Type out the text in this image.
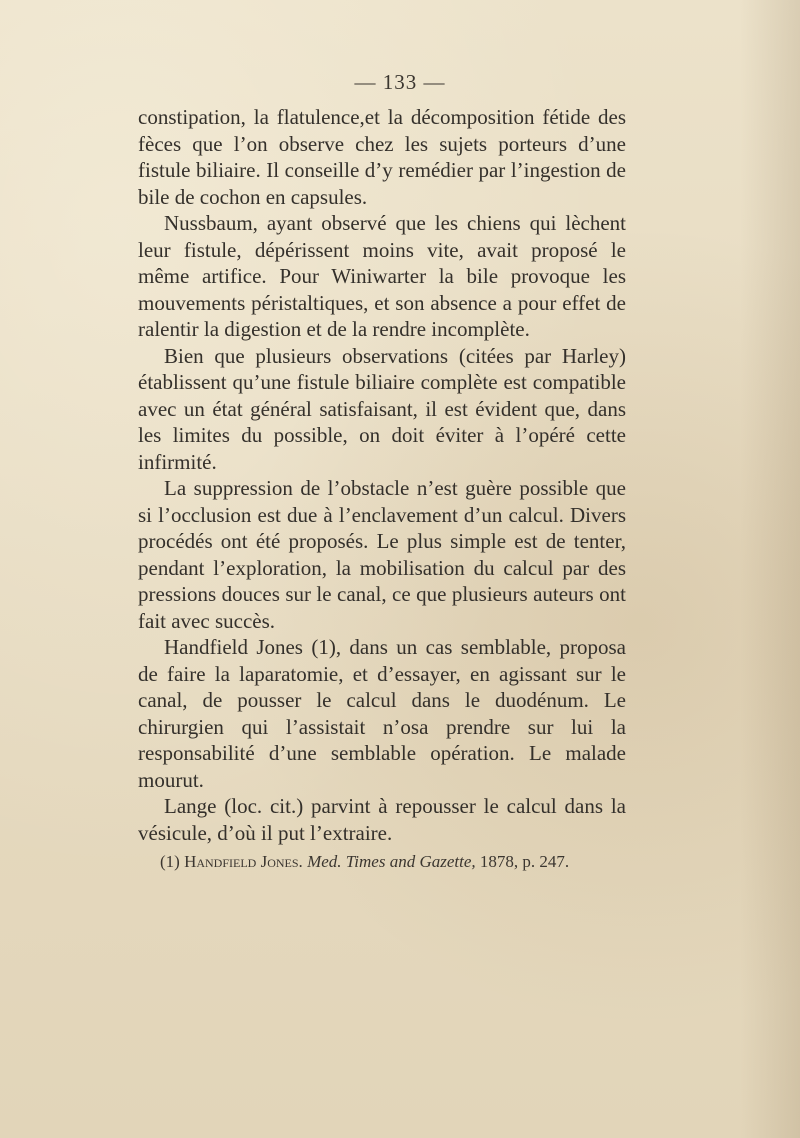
— 133 —

constipation, la flatulence,et la décomposition fétide des fèces que l’on observe chez les sujets porteurs d’une fistule biliaire. Il conseille d’y remédier par l’ingestion de bile de cochon en capsules.

Nussbaum, ayant observé que les chiens qui lèchent leur fistule, dépérissent moins vite, avait proposé le même artifice. Pour Winiwarter la bile provoque les mouvements péristaltiques, et son absence a pour effet de ralentir la digestion et de la rendre incomplète.

Bien que plusieurs observations (citées par Harley) établissent qu’une fistule biliaire complète est compatible avec un état général satisfaisant, il est évident que, dans les limites du possible, on doit éviter à l’opéré cette infirmité.

La suppression de l’obstacle n’est guère possible que si l’occlusion est due à l’enclavement d’un calcul. Divers procédés ont été proposés. Le plus simple est de tenter, pendant l’exploration, la mobilisation du calcul par des pressions douces sur le canal, ce que plusieurs auteurs ont fait avec succès.

Handfield Jones (1), dans un cas semblable, proposa de faire la laparatomie, et d’essayer, en agissant sur le canal, de pousser le calcul dans le duodénum. Le chirurgien qui l’assistait n’osa prendre sur lui la responsabilité d’une semblable opération. Le malade mourut.

Lange (loc. cit.) parvint à repousser le calcul dans la vésicule, d’où il put l’extraire.

(1) Handfield Jones. Med. Times and Gazette, 1878, p. 247.
